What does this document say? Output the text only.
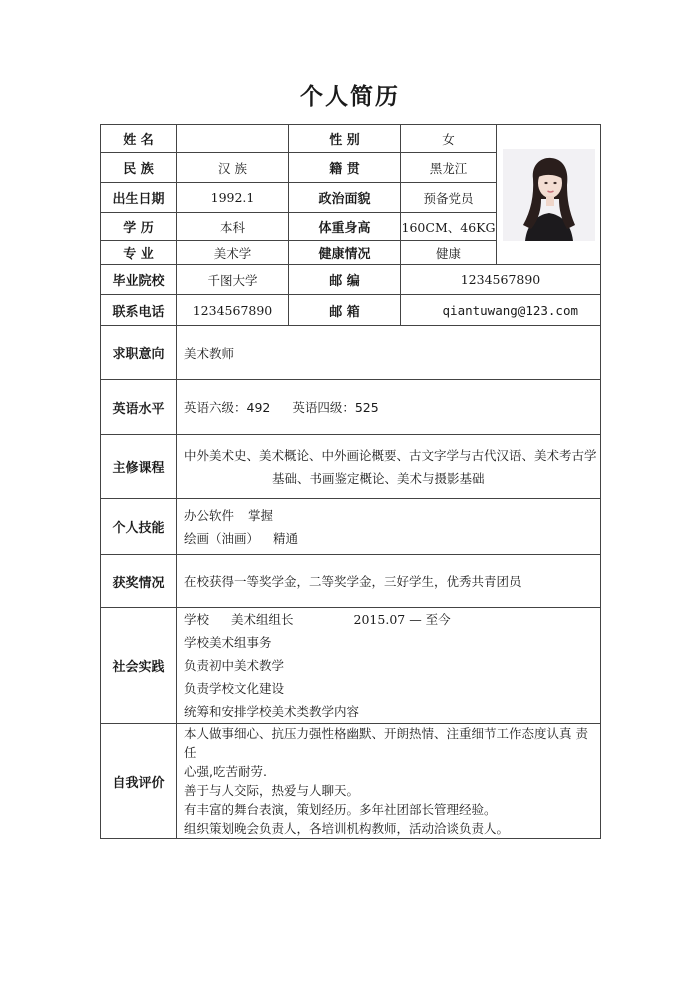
个人简历
姓 名		性 别	女	

民 族	汉 族	籍 贯	黑龙江	
出生日期	1992.1	政治面貌	预备党员	
学 历	本科	体重身高	160CM、46KG	
专 业	美术学	健康情况	健康	
毕业院校	千图大学	邮 编	1234567890	
联系电话	1234567890	邮 箱	qiantuwang@123.com	
求职意向	美术教师			
英语水平	英语六级：492 英语四级：525			
主修课程	中外美术史、美术概论、中外画论概要、古文字学与古代汉语、美术考古学
基础、书画鉴定概论、美术与摄影基础			

个人技能	办公软件 掌握
绘画（油画） 精通			

获奖情况	在校获得一等奖学金，二等奖学金，三好学生，优秀共青团员			
社会实践	学校 美术组组长 2015.07 — 至今
学校美术组事务
负责初中美术教学
负责学校文化建设
统筹和安排学校美术类教学内容			

自我评价	本人做事细心、抗压力强性格幽默、开朗热情、注重细节工作态度认真 责任
心强,吃苦耐劳.
善于与人交际，热爱与人聊天。
有丰富的舞台表演，策划经历。多年社团部长管理经验。
组织策划晚会负责人，各培训机构教师，活动洽谈负责人。			
